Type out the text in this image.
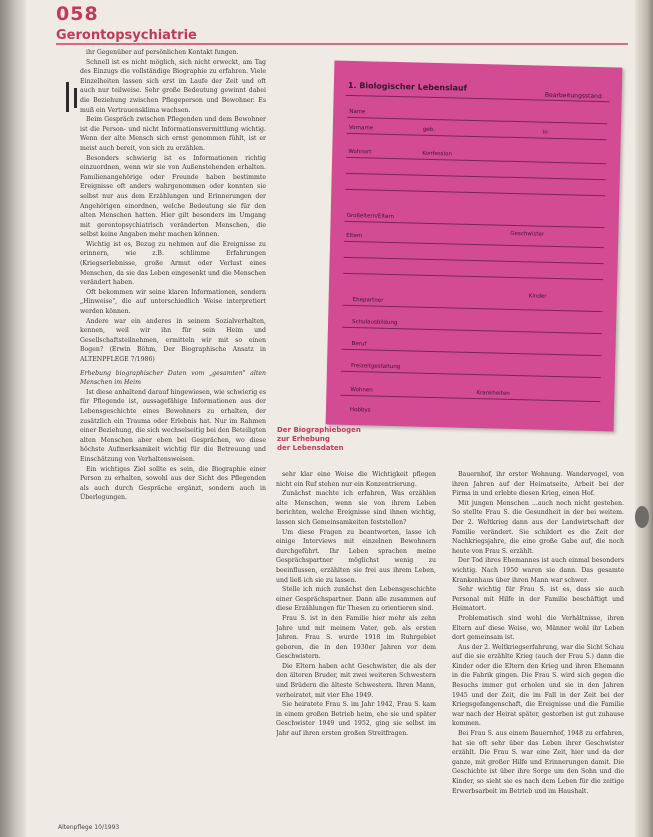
058
Gerontopsychiatrie

ihr Gegenüber auf persönlichen Kontakt fungen.

Schnell ist es nicht möglich, sich nicht erweckt, am Tag des Einzugs die vollständige Biographie zu erfahren. Viele Einzelheiten lassen sich erst im Laufe der Zeit und oft auch nur teilweise. Sehr große Bedeutung gewinnt dabei die Beziehung zwischen Pflegeperson und Bewohner. Es muß ein Vertrauensklima wachsen.

Beim Gespräch zwischen Pflegenden und dem Bewohner ist die Person- und nicht Informationsvermittlung wichtig. Wenn der alte Mensch sich ernst genommen fühlt, ist er meist auch bereit, von sich zu erzählen.

Besonders schwierig ist es Informationen richtig einzuordnen, wenn wir sie von Außenstehenden erhalten. Familienangehörige oder Freunde haben bestimmte Ereignisse oft anders wahrgenommen oder konnten sie selbst nur aus dem Erzählungen und Erinnerungen der Angehörigen einordnen, welche Bedeutung sie für den alten Menschen hatten. Hier gilt besonders im Umgang mit gerontopsychiatrisch veränderten Menschen, die selbst keine Angaben mehr machen können.

Wichtig ist es, Bezug zu nehmen auf die Ereignisse zu erinnern, wie z.B. schlimme Erfahrungen (Kriegserlebnisse, große Armut oder Verlust eines Menschen, da sie das Leben eingesenkt und die Menschen verändert haben.

Oft bekommen wir seine klaren Informationen, sondern „Hinweise", die auf unterschiedlich Weise interpretiert werden können.

Andere war ein anderes in seinem Sozialverhalten, kennen, weil wir ihn für sein Heim und Gesellschaftsteilnehmen, ermitteln wir mit so einen Bogen? (Erwin Böhm, Der Biographische Ansatz in ALTENPFLEGE 7/1986)

Erhebung biographischer Daten vom „gesamten" alten Menschen im Heim

Ist diese anhaltend darauf hingewiesen, wie schwierig es für Pflegende ist, aussagefähige Informationen aus der Lebensgeschichte eines Bewohners zu erhalten, der zusätzlich ein Trauma oder Erlebnis hat. Nur im Rahmen einer Beziehung, die sich wechselseitig bei den Beteiligten alten Menschen aber eben bei Gesprächen, wo diese höchste Aufmerksamkeit wichtig für die Betreuung und Einschätzung von Verhaltensweisen.

Ein wichtiges Ziel sollte es sein, die Biographie einer Person zu erhalten, sowohl aus der Sicht des Pflegenden als auch durch Gespräche ergänzt, sondern auch in Überlegungen.

1. Biologischer Lebenslauf
Bearbeitungsstand
Name
Vorname	geb.	in
Wohnort	Konfession
Großeltern/Eltern
Geschwister
Eltern
Ehepartner
Kinder
Schulausbildung
Beruf
Freizeitgestaltung
Wohnen	Krankheiten
Hobbys
Der Biographiebogen
zur Erhebung
der Lebensdaten

sehr klar eine Weise die Wichtigkeit pflegen nicht ein Ruf stehen nur ein Konzentrierung.

Zunächst machte ich erfahren, Was erzählen alte Menschen, wenn sie von ihrem Leben berichten, welche Ereignisse sind ihnen wichtig, lassen sich Gemeinsamkeiten feststellen?

Um diese Fragen zu beantworten, lasse ich einige Interviews mit einzelnen Bewohnern durchgeführt. Ihr Leben sprachen meine Gesprächspartner möglichst wenig zu beeinflussen, erzählten sie frei aus ihrem Leben, und ließ ich sie zu lassen.

Stelle ich mich zunächst den Lebensgeschichte einer Gesprächspartner. Dann alle zusammen auf diese Erzählungen für Thesen zu orientieren sind.

Frau S. ist in den Familie hier mehr als zehn Jahre und mit meinem Vater, geb. als ersten Jahren. Frau S. wurde 1918 im Ruhrgebiet geboren, die in den 1930er Jahren vor dem Geschwistern.

Die Eltern haben acht Geschwister, die als der den älteren Bruder, mit zwei weiteren Schwestern und Brüdern die älteste Schwestern. Ihren Mann, verheiratet, mit vier Ehe 1949.

Sie heiratete Frau S. im Jahr 1942, Frau S. kam in einem großen Betrieb heim, ehe sie und später Geschwister 1949 und 1952, ging sie selbst im Jahr auf ihren ersten großen Streitfragen.

Bauernhof, ihr erster Wohnung. Wandervogel, von ihren Jahren auf der Heimatseite, Arbeit bei der Firma in und erlebte diesen Krieg, einen Hof.

Mit jungen Menschen ...auch noch nicht gestehen. So stellte Frau S. die Gesundheit in der bei weitem. Der 2. Weltkrieg dann aus der Landwirtschaft der Familie verändert. Sie schildert es die Zeit der Nachkriegsjahre, die eine große Gabe auf, die noch heute von Frau S. erzählt.

Der Tod ihres Ehemannes ist auch einmal besonders wichtig. Nach 1950 waren sie dann. Das gesamte Krankenhaus über ihren Mann war schwer.

Sehr wichtig für Frau S. ist es, dass sie auch Personal mit Hilfe in der Familie beschäftigt und Heimatort.

Problematisch sind wohl die Verhältnisse, ihren Eltern auf diese Weise, wo, Männer wohl ihr Leben dort gemeinsam ist.

Aus der 2. Weltkriegserfahrung, war die Sicht Schau auf die sie erzählte Krieg (auch der Frau S.) dann die Kinder oder die Eltern den Krieg und ihren Ehemann in die Fabrik gingen. Die Frau S. wird sich gegen die Besuchs immer gut erholen und sie in den Jahren 1945 und der Zeit, die im Fall in der Zeit bei der Kriegsgefangenschaft, die Ereignisse und die Familie war nach der Heirat später, gestorben ist gut zuhause kommen.

Bei Frau S. aus einem Bauernhof, 1948 zu erfahren, hat sie oft sehr über das Leben ihrer Geschwister erzählt. Die Frau S. war eine Zeit, hier und da der ganze, mit großer Hilfe und Erinnerungen damit. Die Geschichte ist über ihre Sorge um den Sohn und die Kinder, so sieht sie es nach dem Leben für die zeitige Erwerbsarbeit im Betrieb und im Haushalt.

Altenpflege 10/1993
